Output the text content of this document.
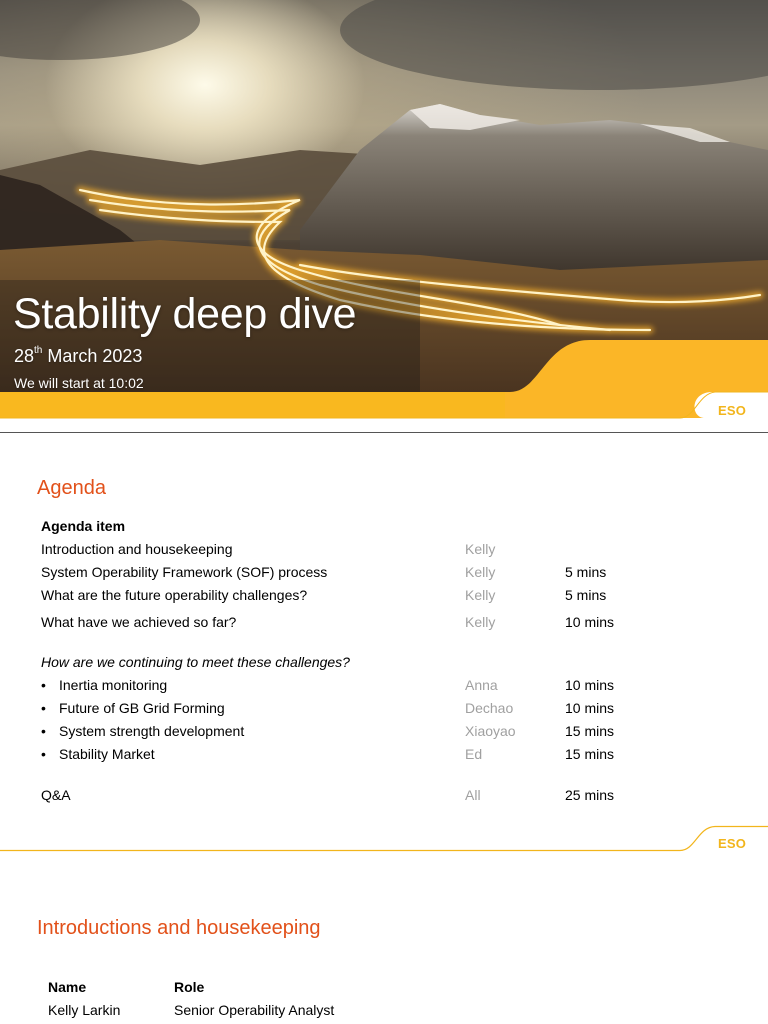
Stability deep dive
28th March 2023
We will start at 10:02
ESO
Agenda
Agenda item
Introduction and housekeeping	Kelly
System Operability Framework (SOF) process	Kelly	5 mins
What are the future operability challenges?	Kelly	5 mins
What have we achieved so far?	Kelly	10 mins
How are we continuing to meet these challenges?
• Inertia monitoring	Anna	10 mins
• Future of GB Grid Forming	Dechao	10 mins
• System strength development	Xiaoyao	15 mins
• Stability Market	Ed	15 mins
Q&A	All	25 mins
ESO
Introductions and housekeeping
Name	Role
Kelly Larkin	Senior Operability Analyst
